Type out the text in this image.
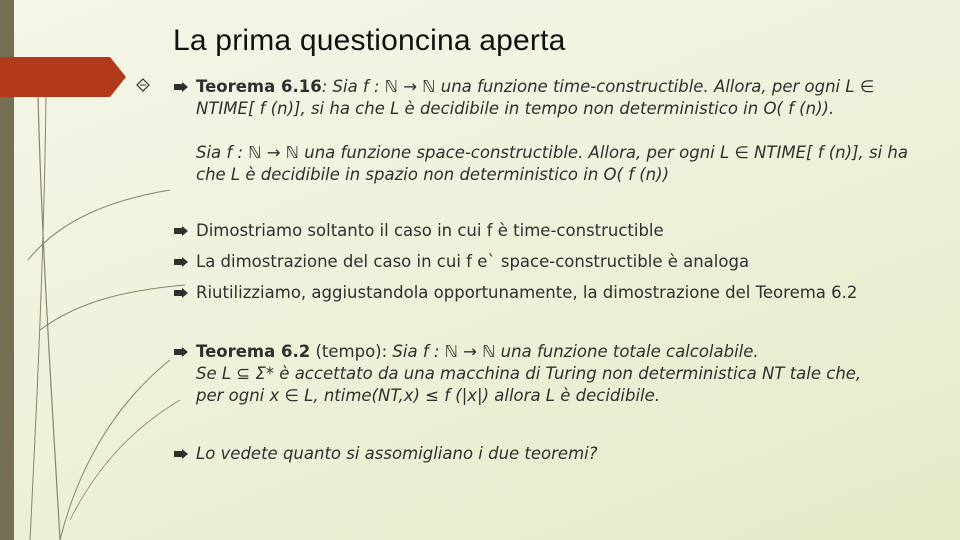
La prima questioncina aperta
Teorema 6.16: Sia f : ℕ → ℕ una funzione time-constructible. Allora, per ogni L ∈ NTIME[ f (n)], si ha che L è decidibile in tempo non deterministico in O( f (n)).
Sia f : ℕ → ℕ una funzione space-constructible. Allora, per ogni L ∈ NTIME[ f (n)], si ha che L è decidibile in spazio non deterministico in O( f (n))
Dimostriamo soltanto il caso in cui f è time-constructible
La dimostrazione del caso in cui f e` space-constructible è analoga
Riutilizziamo, aggiustandola opportunamente, la dimostrazione del Teorema 6.2
Teorema 6.2 (tempo): Sia f : ℕ → ℕ una funzione totale calcolabile.
Se L ⊆ Σ* è accettato da una macchina di Turing non deterministica NT tale che,
per ogni x ∈ L, ntime(NT,x) ≤ f (|x|) allora L è decidibile.
Lo vedete quanto si assomigliano i due teoremi?
